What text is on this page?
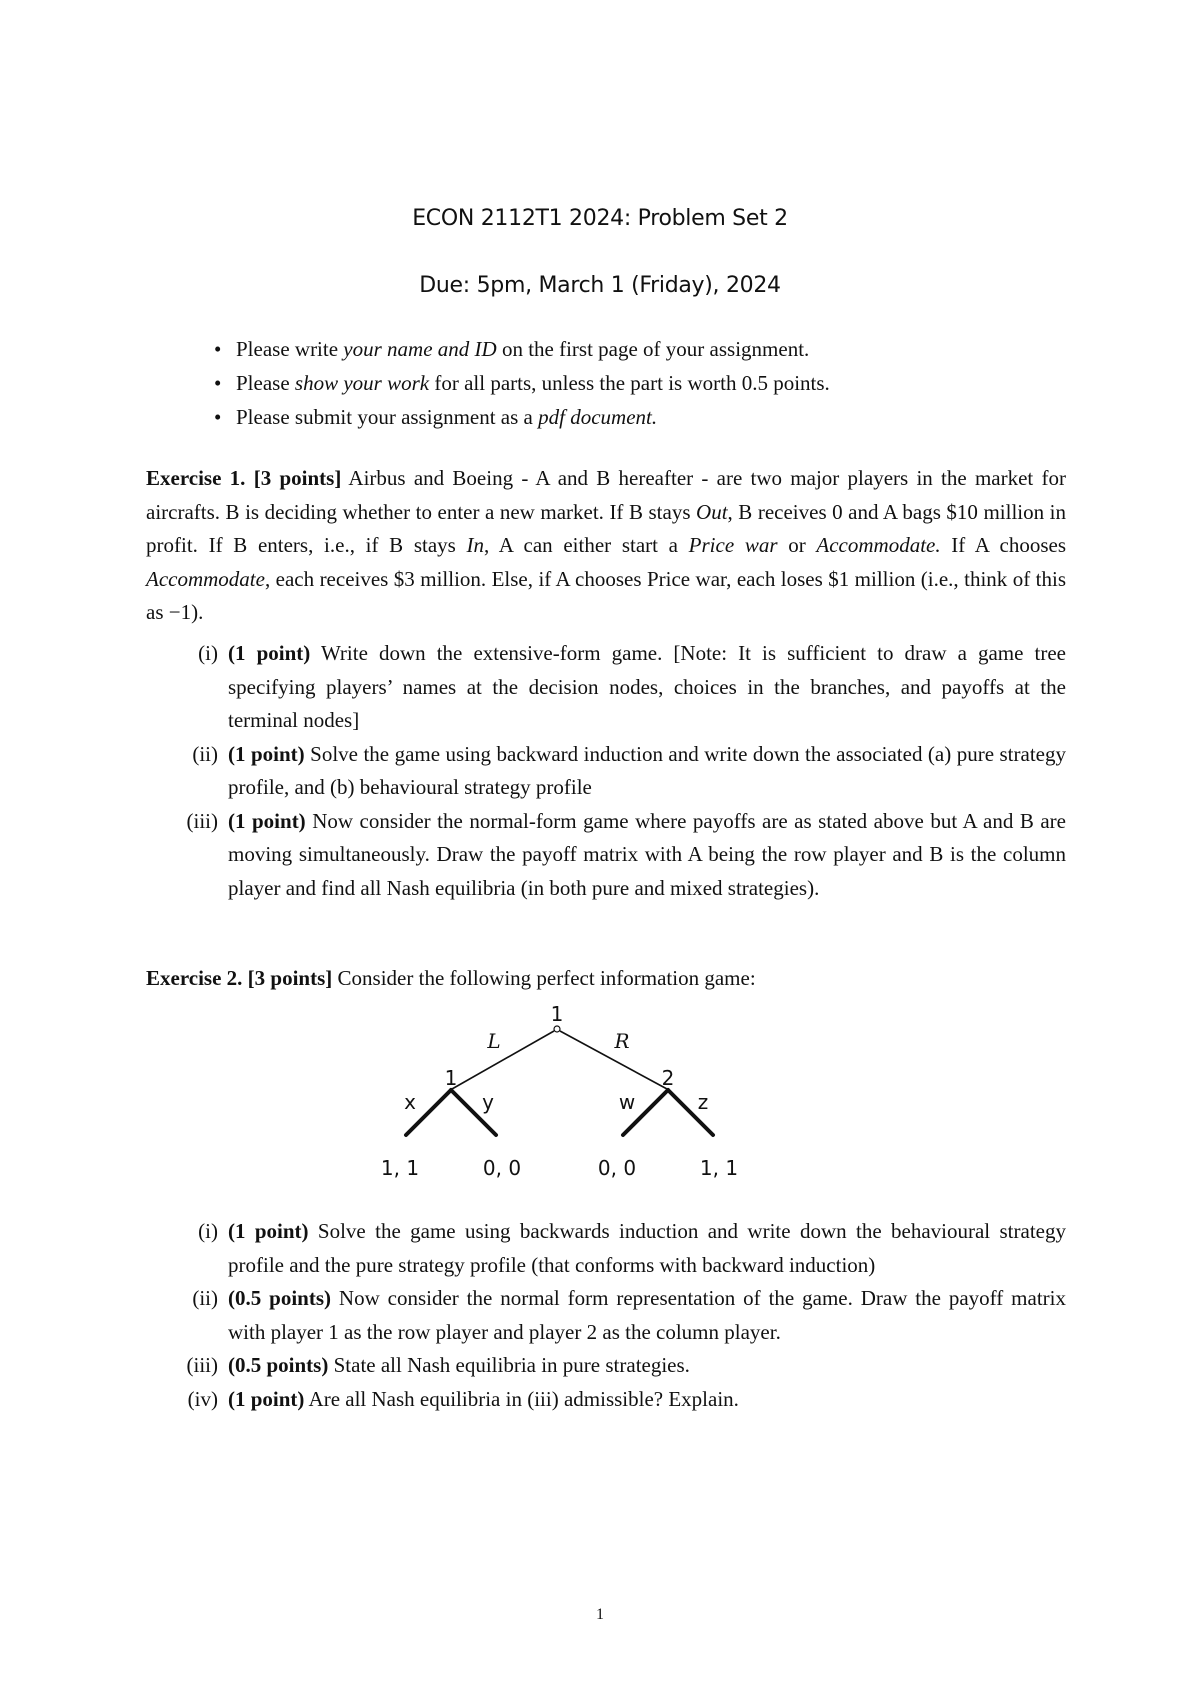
ECON 2112T1 2024: Problem Set 2
Due: 5pm, March 1 (Friday), 2024
• Please write your name and ID on the first page of your assignment.
• Please show your work for all parts, unless the part is worth 0.5 points.
• Please submit your assignment as a pdf document.
Exercise 1. [3 points] Airbus and Boeing - A and B hereafter - are two major players in the market for aircrafts. B is deciding whether to enter a new market. If B stays Out, B receives 0 and A bags $10 million in profit. If B enters, i.e., if B stays In, A can either start a Price war or Accommodate. If A chooses Accommodate, each receives $3 million. Else, if A chooses Price war, each loses $1 million (i.e., think of this as −1).
(i) (1 point) Write down the extensive-form game. [Note: It is sufficient to draw a game tree specifying players’ names at the decision nodes, choices in the branches, and payoffs at the terminal nodes]
(ii) (1 point) Solve the game using backward induction and write down the associated (a) pure strategy profile, and (b) behavioural strategy profile
(iii) (1 point) Now consider the normal-form game where payoffs are as stated above but A and B are moving simultaneously. Draw the payoff matrix with A being the row player and B is the column player and find all Nash equilibria (in both pure and mixed strategies).
Exercise 2. [3 points] Consider the following perfect information game:
1
1	2
x	y	w	z
1, 1	0, 0	0, 0	1, 1
L	R
(i) (1 point) Solve the game using backwards induction and write down the behavioural strategy profile and the pure strategy profile (that conforms with backward induction)
(ii) (0.5 points) Now consider the normal form representation of the game. Draw the payoff matrix with player 1 as the row player and player 2 as the column player.
(iii) (0.5 points) State all Nash equilibria in pure strategies.
(iv) (1 point) Are all Nash equilibria in (iii) admissible? Explain.
1
